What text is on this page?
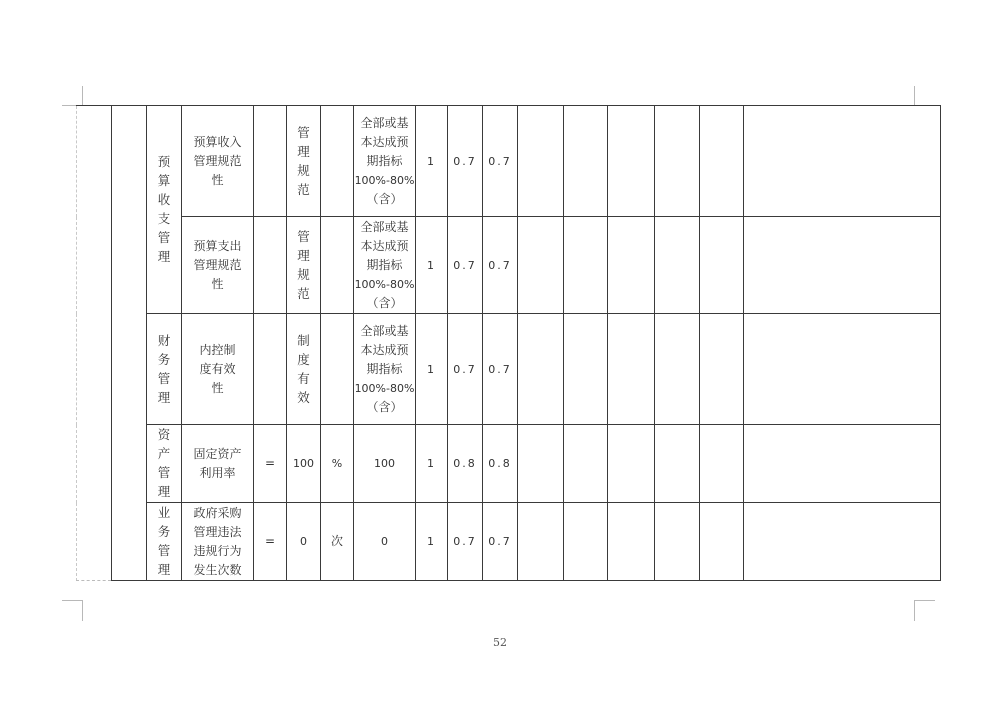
		预算收支管理	预算收入管理规范性		管理规范		全部或基
本达成预
期指标
100%-80%
（含）	1	0.7	0.7						

			预算支出管理规范性		管理规范		全部或基
本达成预
期指标
100%-80%
（含）	1	0.7	0.7						
		财务管理	内控制度有效性		制度有效		全部或基
本达成预
期指标
100%-80%
（含）	1	0.7	0.7						
		资产管理	固定资产利用率	=	100	%	100	1	0.8	0.8						
		业务管理	政府采购管理违法违规行为发生次数	=	0	次	0	1	0.7	0.7						
52
